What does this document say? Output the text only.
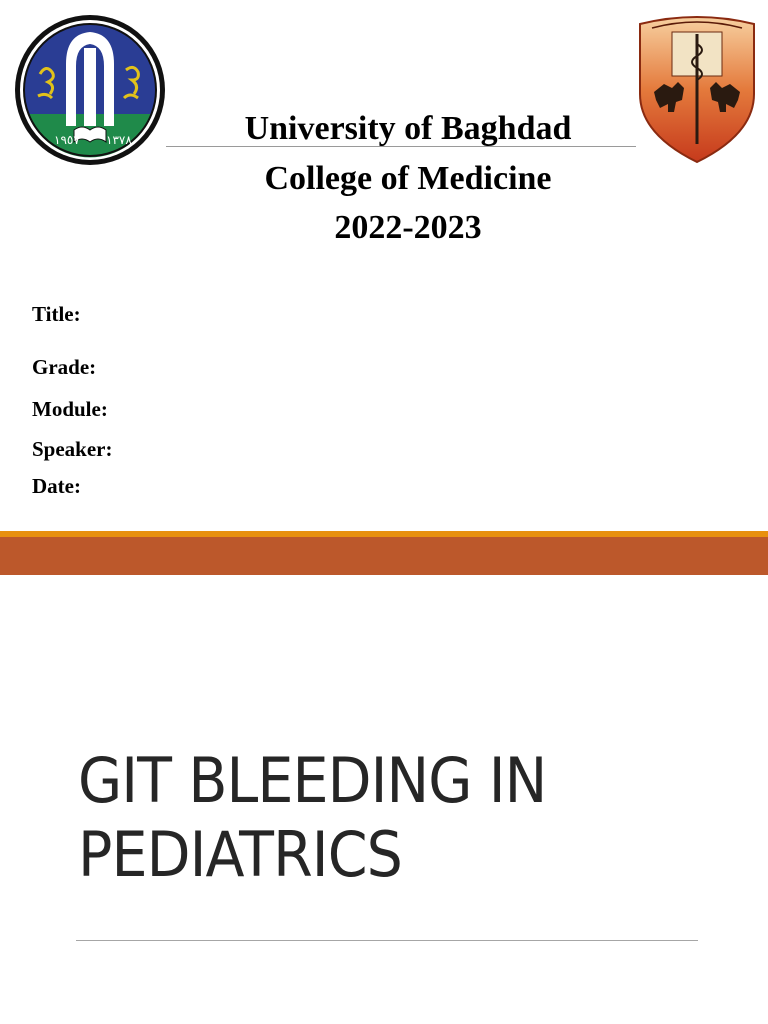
١٩٥٧ ١٣٧٨	University of Baghdad
College of Medicine
2022-2023
Title:
Grade:
Module:
Speaker:
Date:
GIT BLEEDING IN
PEDIATRICS
